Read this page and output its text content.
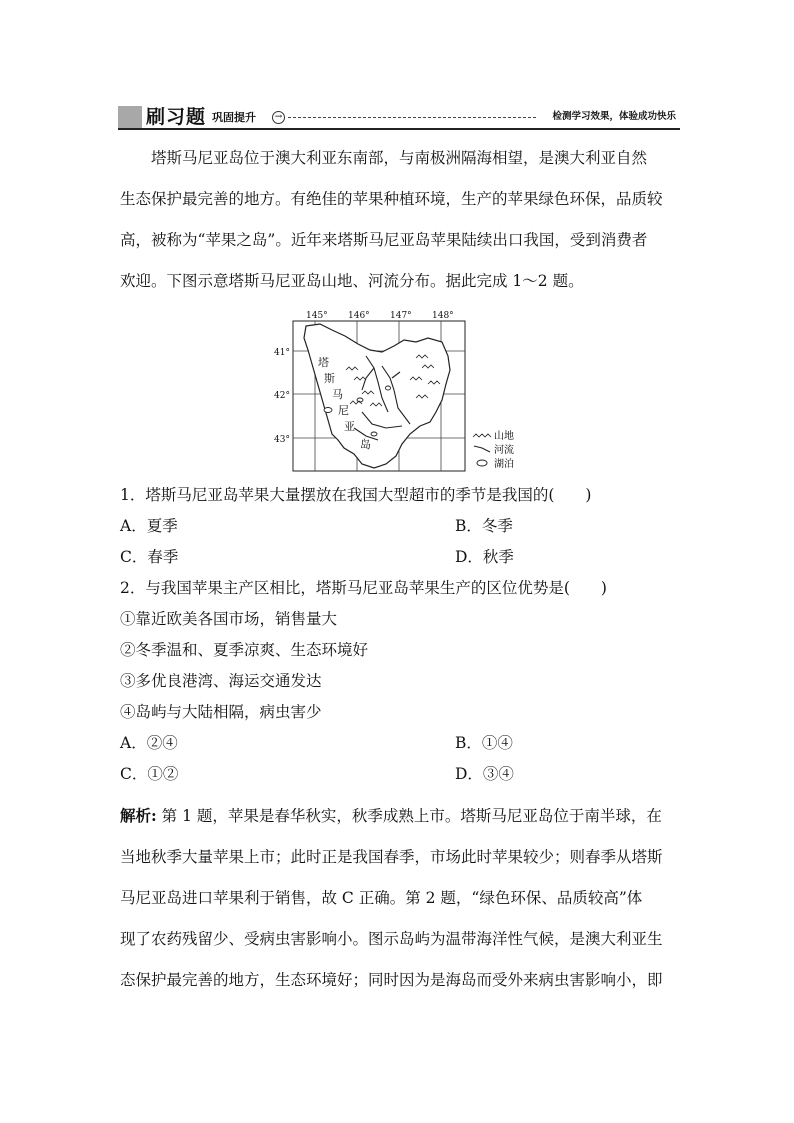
刷习题 巩固提升	→	检测学习效果，体验成功快乐
塔斯马尼亚岛位于澳大利亚东南部，与南极洲隔海相望，是澳大利亚自然
生态保护最完善的地方。有绝佳的苹果种植环境，生产的苹果绿色环保，品质较
高，被称为“苹果之岛”。近年来塔斯马尼亚岛苹果陆续出口我国，受到消费者
欢迎。下图示意塔斯马尼亚岛山地、河流分布。据此完成 1～2 题。
145° 146° 147° 148°
41°
42°
43°
塔
斯
马
尼
亚
岛
山地
河流
湖泊
1．塔斯马尼亚岛苹果大量摆放在我国大型超市的季节是我国的(　　)
A．夏季	B．冬季
C．春季	D．秋季
2．与我国苹果主产区相比，塔斯马尼亚岛苹果生产的区位优势是(　　)
①靠近欧美各国市场，销售量大
②冬季温和、夏季凉爽、生态环境好
③多优良港湾、海运交通发达
④岛屿与大陆相隔，病虫害少
A．②④	B．①④
C．①②	D．③④
解析: 第 1 题，苹果是春华秋实，秋季成熟上市。塔斯马尼亚岛位于南半球，在
当地秋季大量苹果上市；此时正是我国春季，市场此时苹果较少；则春季从塔斯
马尼亚岛进口苹果利于销售，故 C 正确。第 2 题，“绿色环保、品质较高”体
现了农药残留少、受病虫害影响小。图示岛屿为温带海洋性气候，是澳大利亚生
态保护最完善的地方，生态环境好；同时因为是海岛而受外来病虫害影响小，即
